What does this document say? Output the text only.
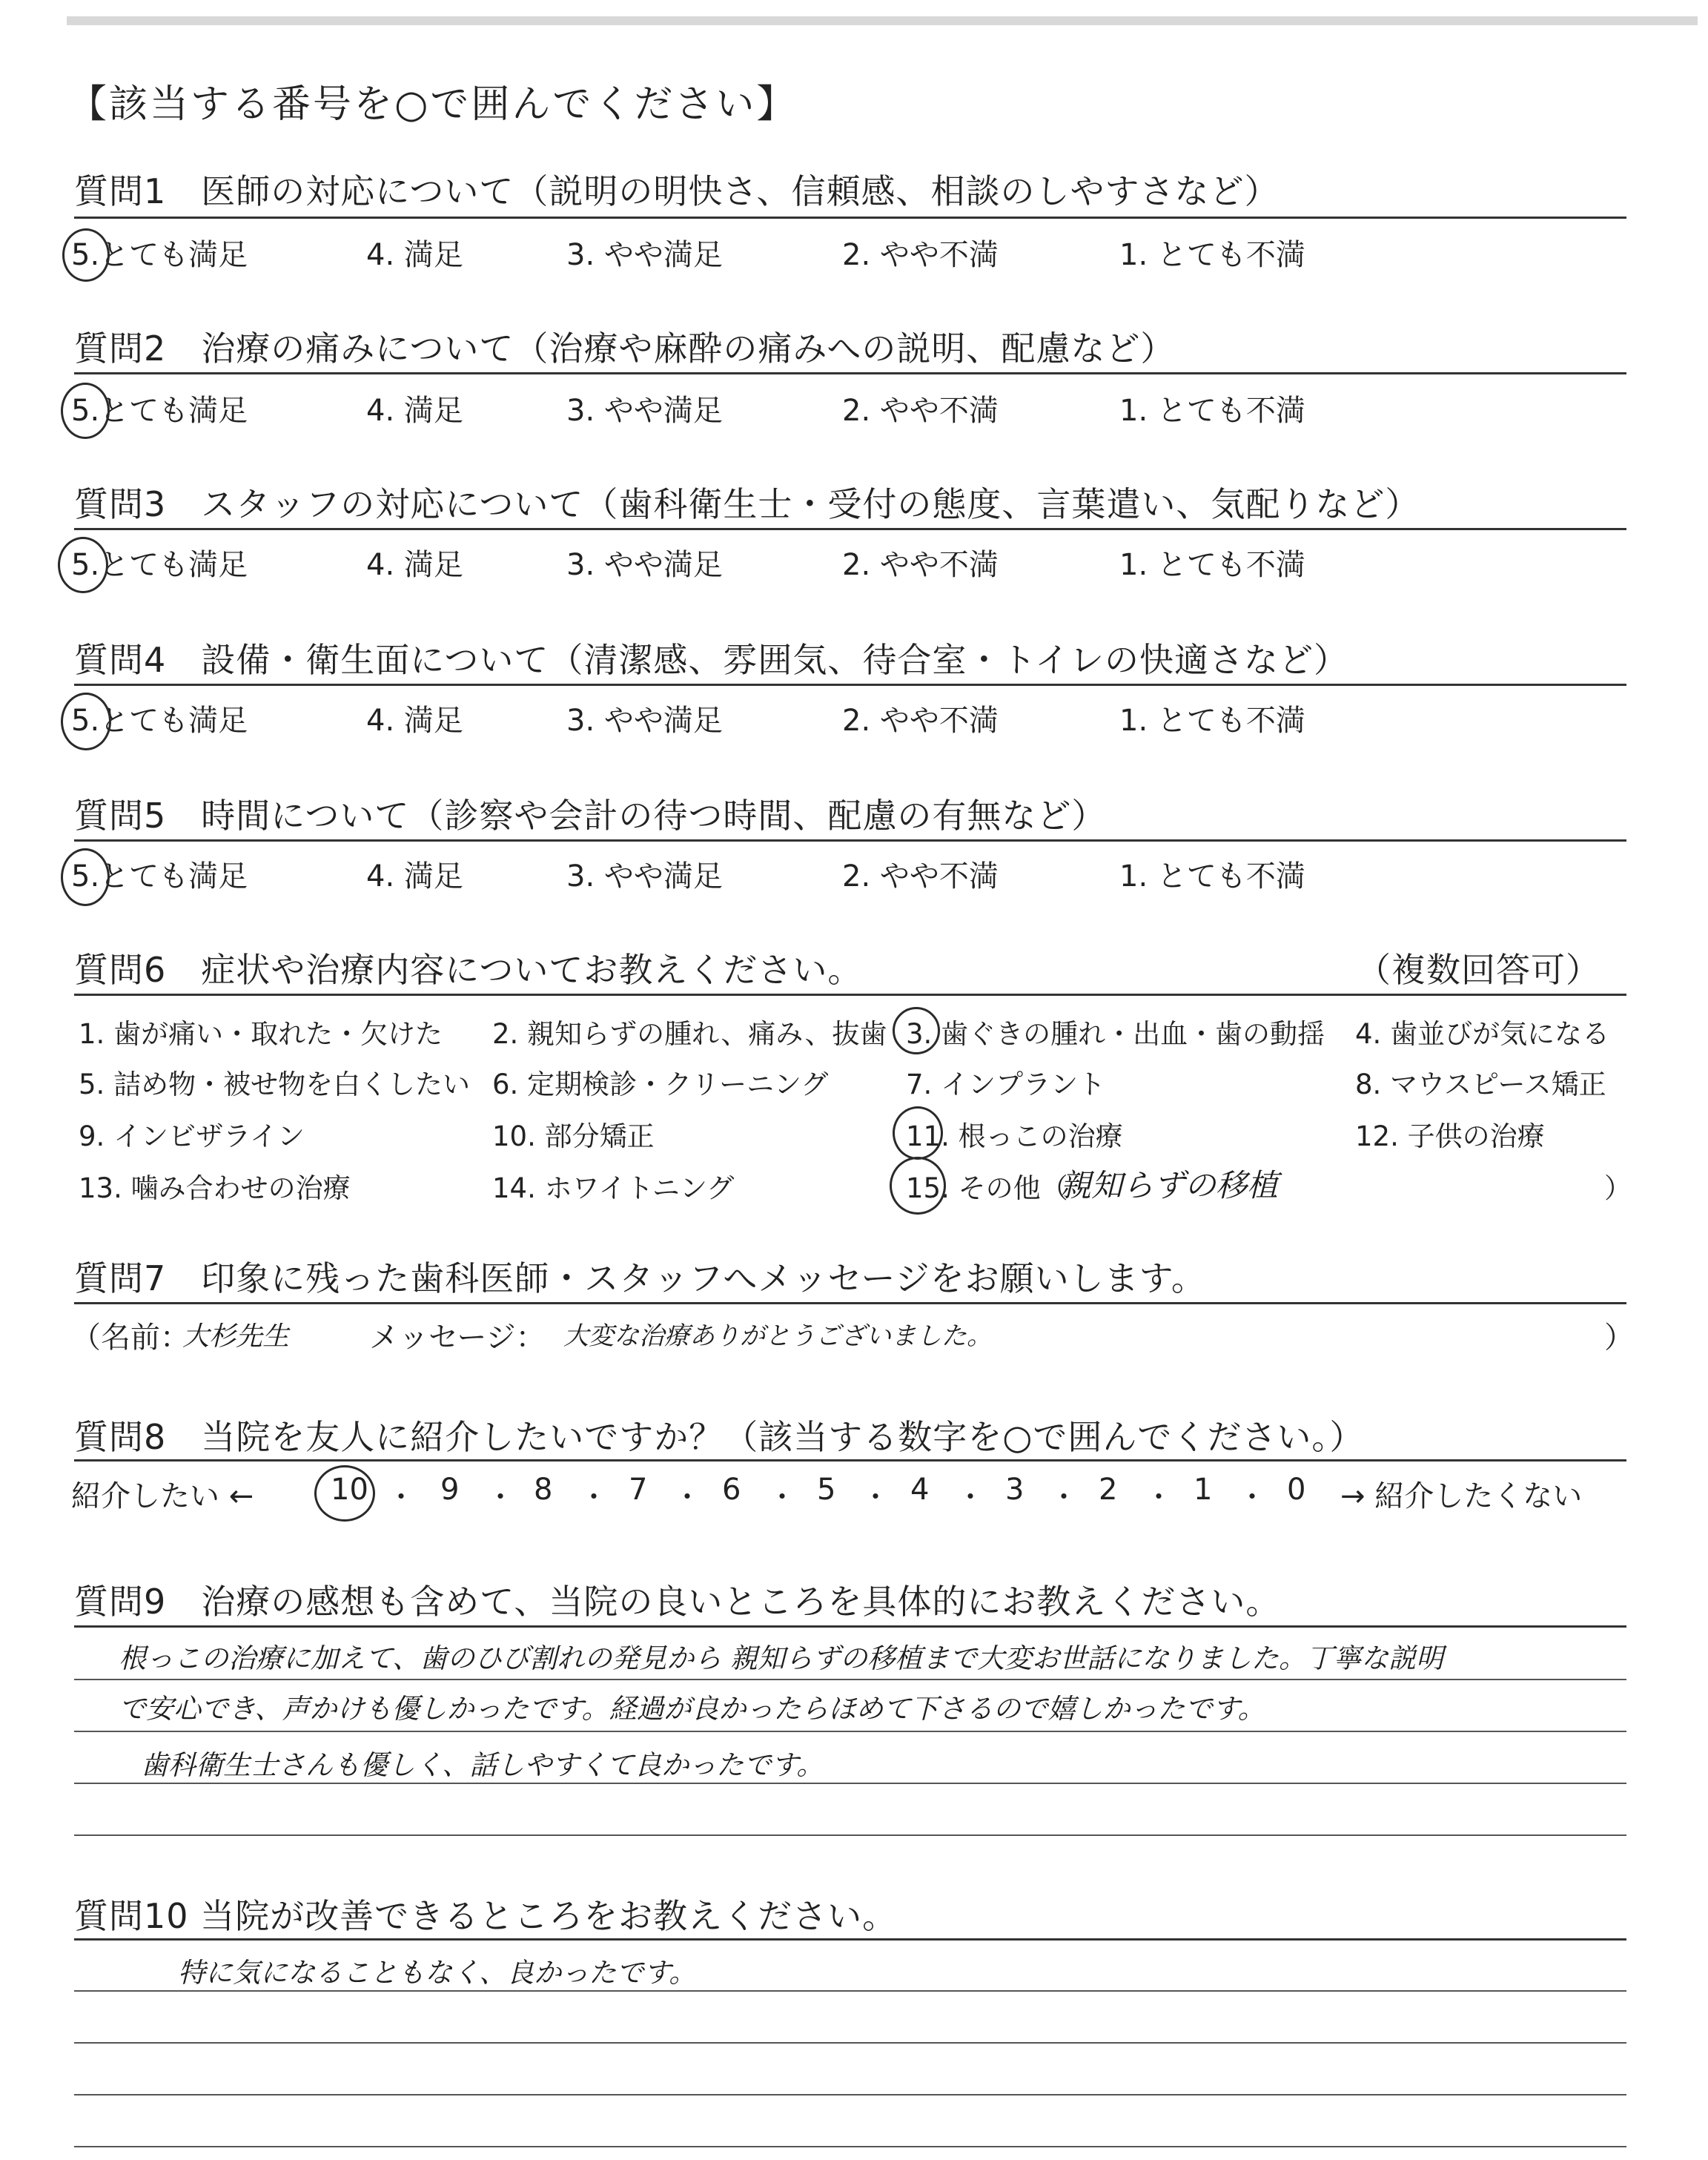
【該当する番号を○で囲んでください】
質問1　医師の対応について（説明の明快さ、信頼感、相談のしやすさなど）
5.とても満足	4. 満足	3. やや満足	2. やや不満	1. とても不満
質問2　治療の痛みについて（治療や麻酔の痛みへの説明、配慮など）
5.とても満足	4. 満足	3. やや満足	2. やや不満	1. とても不満
質問3　スタッフの対応について（歯科衛生士・受付の態度、言葉遣い、気配りなど）
5.とても満足	4. 満足	3. やや満足	2. やや不満	1. とても不満
質問4　設備・衛生面について（清潔感、雰囲気、待合室・トイレの快適さなど）
5.とても満足	4. 満足	3. やや満足	2. やや不満	1. とても不満
質問5　時間について（診察や会計の待つ時間、配慮の有無など）
5.とても満足	4. 満足	3. やや満足	2. やや不満	1. とても不満
質問6　症状や治療内容についてお教えください。	（複数回答可）
1. 歯が痛い・取れた・欠けた 2. 親知らずの腫れ、痛み、抜歯 3. 歯ぐきの腫れ・出血・歯の動揺 4. 歯並びが気になる
5. 詰め物・被せ物を白くしたい 6. 定期検診・クリーニング	7. インプラント	8. マウスピース矯正
9. インビザライン	10. 部分矯正	11. 根っこの治療	12. 子供の治療
13. 噛み合わせの治療	14. ホワイトニング	15. その他（
親知らずの移植	）
質問7　印象に残った歯科医師・スタッフへメッセージをお願いします。
（名前：
大杉先生	メッセージ： 大変な治療ありがとうございました。	）
質問8　当院を友人に紹介したいですか？（該当する数字を○で囲んでください。）
紹介したい ←	10 ・ 9 ・ 8 ・ 7 ・ 6 ・ 5 ・ 4 ・ 3 ・ 2 ・ 1 ・ 0 → 紹介したくない
質問9　治療の感想も含めて、当院の良いところを具体的にお教えください。
根っこの治療に加えて、歯のひび割れの発見から 親知らずの移植まで大変お世話になりました。丁寧な説明
で安心でき、声かけも優しかったです。経過が良かったらほめて下さるので嬉しかったです。
歯科衛生士さんも優しく、話しやすくて良かったです。
質問10 当院が改善できるところをお教えください。
特に気になることもなく、良かったです。
